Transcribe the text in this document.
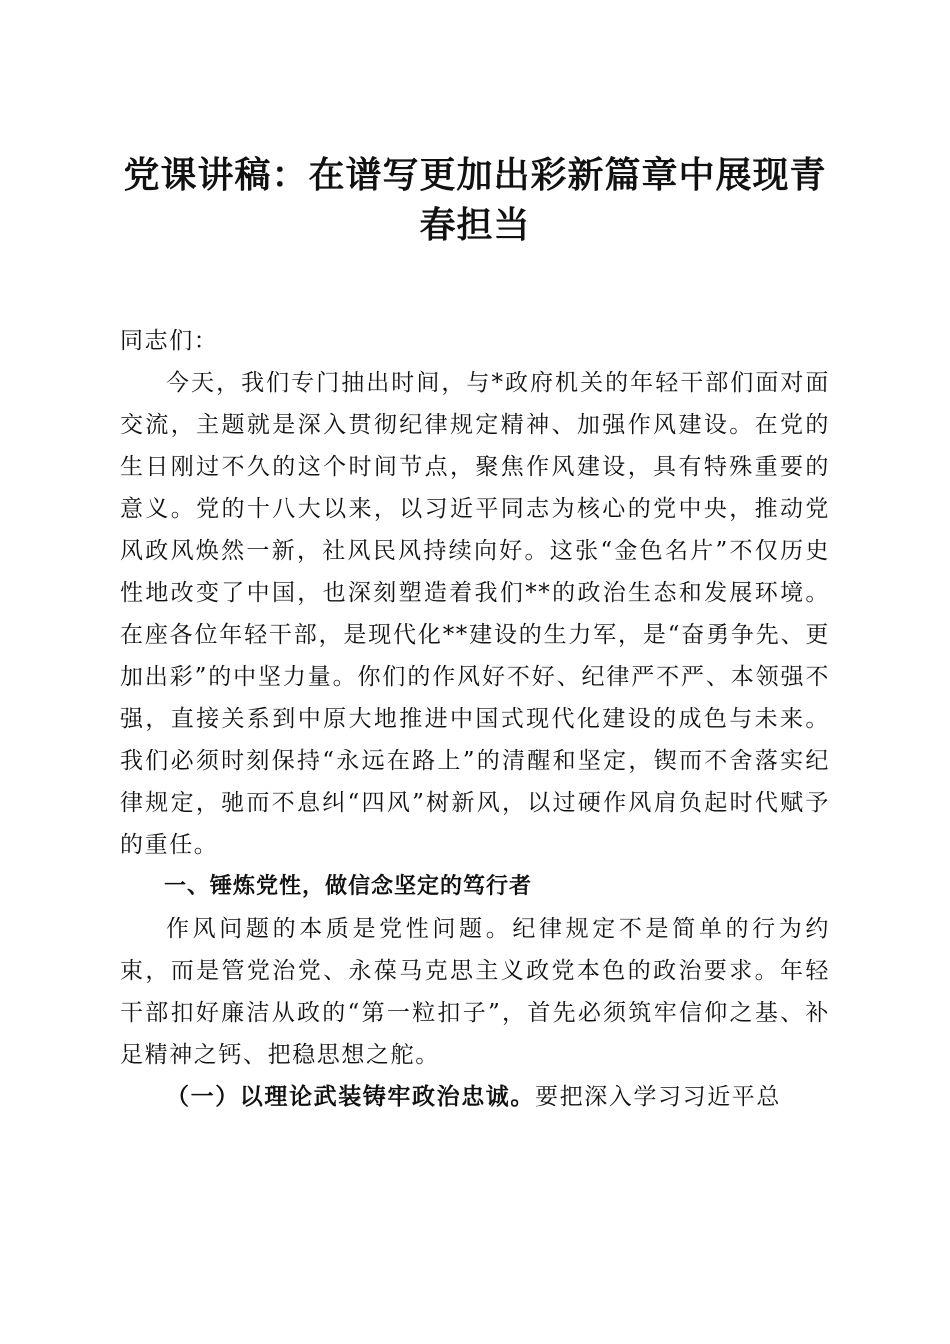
党课讲稿：在谱写更加出彩新篇章中展现青春担当

同志们：

今天，我们专门抽出时间，与*政府机关的年轻干部们面对面交流，主题就是深入贯彻纪律规定精神、加强作风建设。在党的生日刚过不久的这个时间节点，聚焦作风建设，具有特殊重要的意义。党的十八大以来，以习近平同志为核心的党中央，推动党风政风焕然一新，社风民风持续向好。这张“金色名片”不仅历史性地改变了中国，也深刻塑造着我们**的政治生态和发展环境。在座各位年轻干部，是现代化**建设的生力军，是“奋勇争先、更加出彩”的中坚力量。你们的作风好不好、纪律严不严、本领强不强，直接关系到中原大地推进中国式现代化建设的成色与未来。我们必须时刻保持“永远在路上”的清醒和坚定，锲而不舍落实纪律规定，驰而不息纠“四风”树新风，以过硬作风肩负起时代赋予的重任。

一、锤炼党性，做信念坚定的笃行者

作风问题的本质是党性问题。纪律规定不是简单的行为约束，而是管党治党、永葆马克思主义政党本色的政治要求。年轻干部扣好廉洁从政的“第一粒扣子”，首先必须筑牢信仰之基、补足精神之钙、把稳思想之舵。

（一）以理论武装铸牢政治忠诚。要把深入学习习近平总
